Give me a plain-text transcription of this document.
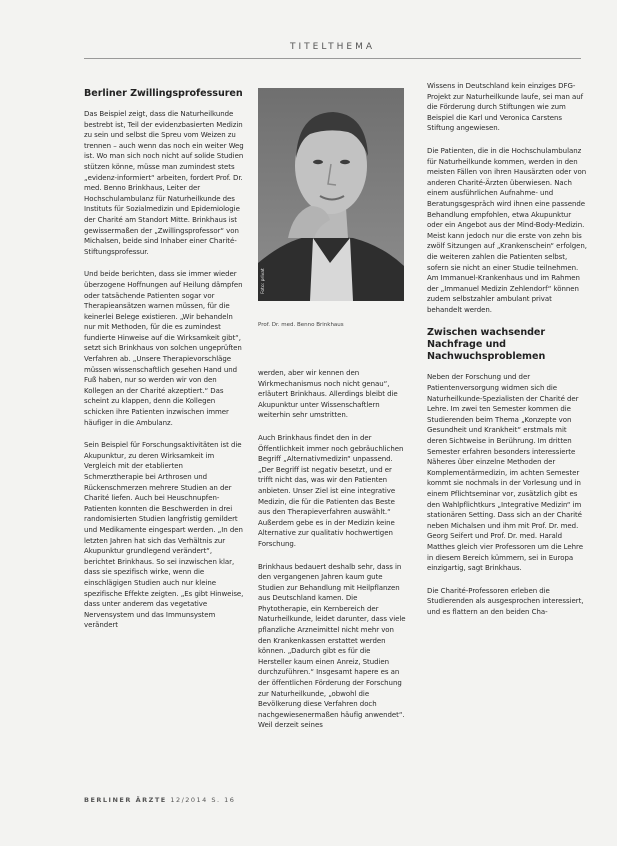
TITELTHEMA
Berliner Zwillingsprofessuren

Das Beispiel zeigt, dass die Naturheilkunde bestrebt ist, Teil der evidenzbasierten Medizin zu sein und selbst die Spreu vom Weizen zu trennen – auch wenn das noch ein weiter Weg ist. Wo man sich noch nicht auf solide Studien stützen könne, müsse man zumindest stets „evidenz-informiert“ arbeiten, fordert Prof. Dr. med. Benno Brinkhaus, Leiter der Hochschulambulanz für Naturheilkunde des Instituts für Sozialmedizin und Epidemiologie der Charité am Standort Mitte. Brinkhaus ist gewissermaßen der „Zwillingsprofessor“ von Michalsen, beide sind Inhaber einer Charité-Stiftungsprofessur.

Und beide berichten, dass sie immer wieder überzogene Hoffnungen auf Heilung dämpfen oder tatsächende Patienten sogar vor Therapieansätzen warnen müssen, für die keinerlei Belege existieren. „Wir behandeln nur mit Methoden, für die es zumindest fundierte Hinweise auf die Wirksamkeit gibt“, setzt sich Brinkhaus von solchen ungeprüften Verfahren ab. „Unsere Therapievorschläge müssen wissenschaftlich gesehen Hand und Fuß haben, nur so werden wir von den Kollegen an der Charité akzeptiert.“ Das scheint zu klappen, denn die Kollegen schicken ihre Patienten inzwischen immer häufiger in die Ambulanz.

Sein Beispiel für Forschungsaktivitäten ist die Akupunktur, zu deren Wirksamkeit im Vergleich mit der etablierten Schmerztherapie bei Arthrosen und Rückenschmerzen mehrere Studien an der Charité liefen. Auch bei Heuschnupfen-Patienten konnten die Beschwerden in drei randomisierten Studien langfristig gemildert und Medikamente eingespart werden. „In den letzten Jahren hat sich das Verhältnis zur Akupunktur grundlegend verändert“, berichtet Brinkhaus. So sei inzwischen klar, dass sie spezifisch wirke, wenn die einschlägigen Studien auch nur kleine spezifische Effekte zeigten. „Es gibt Hinweise, dass unter anderem das vegetative Nervensystem und das Immunsystem verändert

Foto: privat
Prof. Dr. med. Benno Brinkhaus

werden, aber wir kennen den Wirkmechanismus noch nicht genau“, erläutert Brinkhaus. Allerdings bleibt die Akupunktur unter Wissenschaftlern weiterhin sehr umstritten.

Auch Brinkhaus findet den in der Öffentlichkeit immer noch gebräuchlichen Begriff „Alternativmedizin“ unpassend. „Der Begriff ist negativ besetzt, und er trifft nicht das, was wir den Patienten anbieten. Unser Ziel ist eine integrative Medizin, die für die Patienten das Beste aus den Therapieverfahren auswählt.“ Außerdem gebe es in der Medizin keine Alternative zur qualitativ hochwertigen Forschung.

Brinkhaus bedauert deshalb sehr, dass in den vergangenen Jahren kaum gute Studien zur Behandlung mit Heilpflanzen aus Deutschland kamen. Die Phytotherapie, ein Kernbereich der Naturheilkunde, leidet darunter, dass viele pflanzliche Arzneimittel nicht mehr von den Krankenkassen erstattet werden können. „Dadurch gibt es für die Hersteller kaum einen Anreiz, Studien durchzuführen.“ Insgesamt hapere es an der öffentlichen Förderung der Forschung zur Naturheilkunde, „obwohl die Bevölkerung diese Verfahren doch nachgewiesenermaßen häufig anwendet“. Weil derzeit seines

Wissens in Deutschland kein einziges DFG-Projekt zur Naturheilkunde laufe, sei man auf die Förderung durch Stiftungen wie zum Beispiel die Karl und Veronica Carstens Stiftung angewiesen.

Die Patienten, die in die Hochschulambulanz für Naturheilkunde kommen, werden in den meisten Fällen von ihren Hausärzten oder von anderen Charité-Ärzten überwiesen. Nach einem ausführlichen Aufnahme- und Beratungsgespräch wird ihnen eine passende Behandlung empfohlen, etwa Akupunktur oder ein Angebot aus der Mind-Body-Medizin. Meist kann jedoch nur die erste von zehn bis zwölf Sitzungen auf „Krankenschein“ erfolgen, die weiteren zahlen die Patienten selbst, sofern sie nicht an einer Studie teilnehmen. Am Immanuel-Krankenhaus und im Rahmen der „Immanuel Medizin Zehlendorf“ können zudem selbstzahler ambulant privat behandelt werden.

Zwischen wachsender Nachfrage und Nachwuchsproblemen

Neben der Forschung und der Patientenversorgung widmen sich die Naturheilkunde-Spezialisten der Charité der Lehre. Im zwei ten Semester kommen die Studierenden beim Thema „Konzepte von Gesundheit und Krankheit“ erstmals mit deren Sichtweise in Berührung. Im dritten Semester erfahren besonders interessierte Näheres über einzelne Methoden der Komplementärmedizin, im achten Semester kommt sie nochmals in der Vorlesung und in einem Pflichtseminar vor, zusätzlich gibt es den Wahlpflichtkurs „Integrative Medizin“ im stationären Setting. Dass sich an der Charité neben Michalsen und ihm mit Prof. Dr. med. Georg Seifert und Prof. Dr. med. Harald Matthes gleich vier Professoren um die Lehre in diesem Bereich kümmern, sei in Europa einzigartig, sagt Brinkhaus.

Die Charité-Professoren erleben die Studierenden als ausgesprochen interessiert, und es flattern an den beiden Cha-

BERLINER ÄRZTE 12/2014 S. 16
